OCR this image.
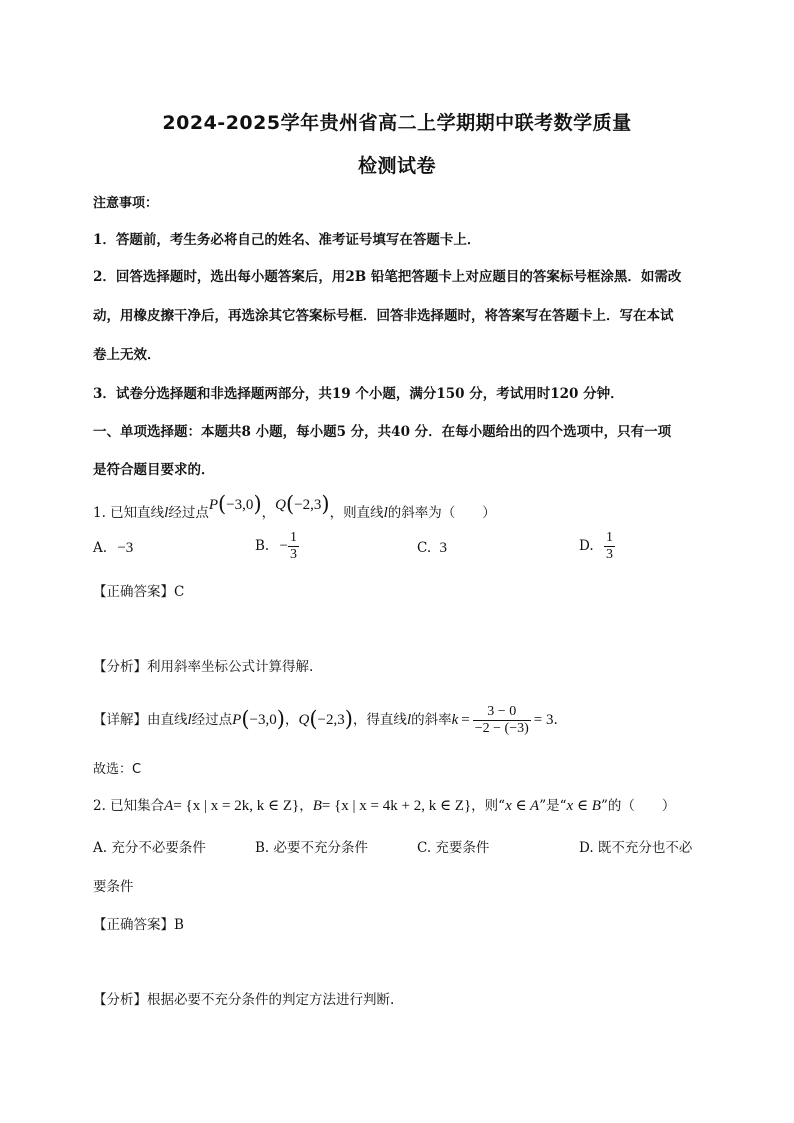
2024-2025学年贵州省高二上学期期中联考数学质量
检测试卷
注意事项：
1．答题前，考生务必将自己的姓名、准考证号填写在答题卡上．
2．回答选择题时，选出每小题答案后，用2B 铅笔把答题卡上对应题目的答案标号框涂黑．如需改
动，用橡皮擦干净后，再选涂其它答案标号框．回答非选择题时，将答案写在答题卡上．写在本试
卷上无效．
3．试卷分选择题和非选择题两部分，共19 个小题，满分150 分，考试用时120 分钟．
一、单项选择题：本题共8 小题，每小题5 分，共40 分．在每小题给出的四个选项中，只有一项
是符合题目要求的．
1. 已知直线l经过点P(−3,0)，Q(−2,3)，则直线l的斜率为（　　）
A. −3	B. − $\frac{1}{3}$	C. 3	D. $\frac{1}{3}$
【正确答案】C
【分析】利用斜率坐标公式计算得解.
【详解】由直线l经过点P(−3,0)，Q(−2,3)，得直线l的斜率$k = \frac{3 - 0}{-2 - (-3)} = 3$.
故选：C
2. 已知集合A= {x | x = 2k, k ∈ Z}，B= {x | x = 4k + 2, k ∈ Z}，则“x ∈ A”是“x ∈ B”的（　　）
A. 充分不必要条件	B. 必要不充分条件	C. 充要条件	D. 既不充分也不必
要条件
【正确答案】B
【分析】根据必要不充分条件的判定方法进行判断.
